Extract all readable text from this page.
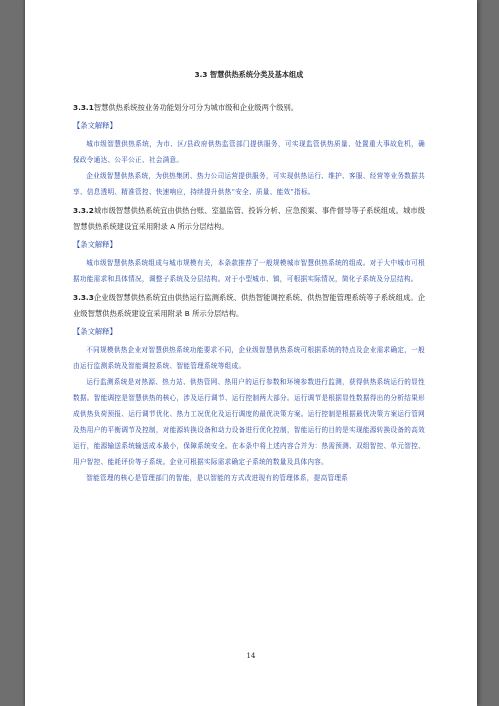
3.3 智慧供热系统分类及基本组成

3.3.1智慧供热系统按业务功能划分可分为城市级和企业级两个级别。

【条文解释】

城市级智慧供热系统，为市、区/县政府供热监管部门提供服务，可实现监管供热质量、处置重大事故危机，确保政令通达、公平公正、社会满意。

企业级智慧供热系统，为供热集团、热力公司运营提供服务，可实现供热运行、维护、客服、经营等业务数据共享、信息透明、精准管控、快速响应，持续提升供热“安全、质量、能效”指标。

3.3.2城市级智慧供热系统宜由供热台账、室温监管、投诉分析、应急预案、事件督导等子系统组成。城市级智慧供热系统建设宜采用附录 A 所示分层结构。

【条文解释】

城市级智慧供热系统组成与城市规模有关，本条款推荐了一般规模城市智慧供热系统的组成。对于大中城市可根据功能需求和具体情况，调整子系统及分层结构。对于小型城市、镇，可根据实际情况，简化子系统及分层结构。

3.3.3企业级智慧供热系统宜由供热运行监测系统、供热智能调控系统、供热智能管理系统等子系统组成。企业级智慧供热系统建设宜采用附录 B 所示分层结构。

【条文解释】

不同规模供热企业对智慧供热系统功能要求不同，企业级智慧供热系统可根据系统的特点及企业需求确定，一般由运行监测系统及智能调控系统、智能管理系统等组成。

运行监测系统是对热源、热力站、供热管网、热用户的运行参数和环境参数进行监测，获得供热系统运行的显性数据。智能调控是智慧供热的核心，涉及运行调节、运行控制两大部分。运行调节是根据显性数据得出的分析结果形成供热负荷预报、运行调节优化、热力工况优化及运行调度的最优决策方案。运行控制是根据最优决策方案运行管网及热用户的平衡调节及控制，对能源转换设备和动力设备进行优化控制，智能运行的目的是实现能源转换设备的高效运行，能源输送系统输送成本最小，保障系统安全。在本条中将上述内容合并为：热需预测、双组智控、单元智控、用户智控、能耗评价等子系统。企业可根据实际需求确定子系统的数量及具体内容。

智能管理的核心是管理部门的智能，是以智能的方式改进现有的管理体系，提高管理系

14
